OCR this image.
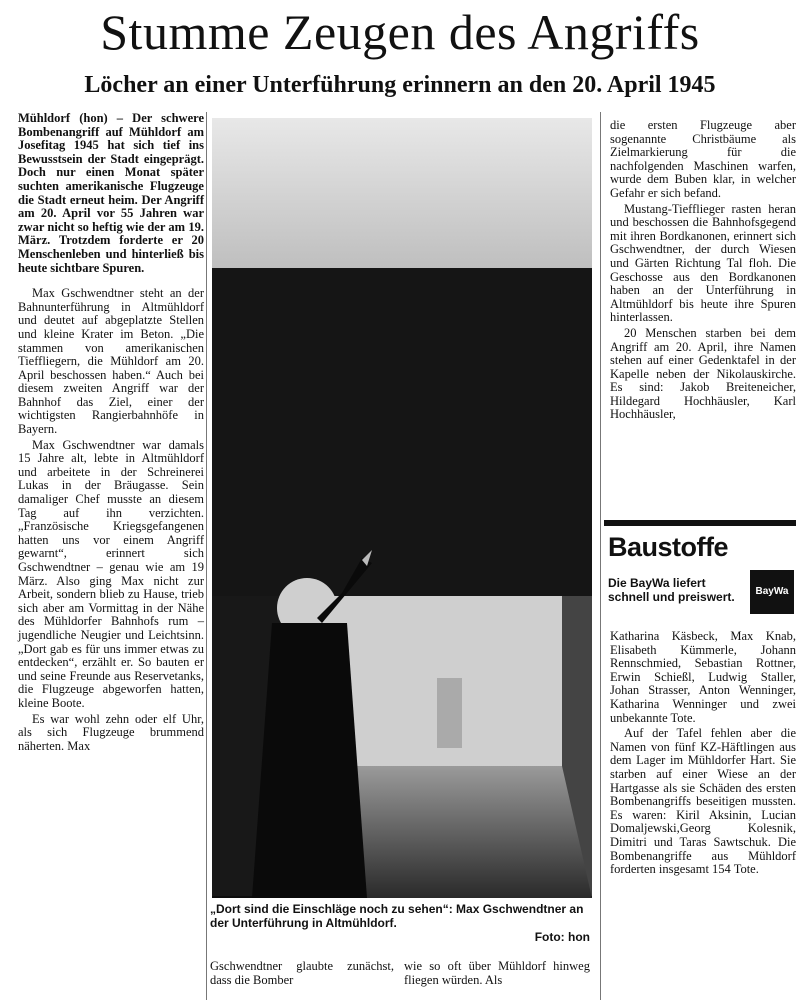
Stumme Zeugen des Angriffs
Löcher an einer Unterführung erinnern an den 20. April 1945

Mühldorf (hon) – Der schwere Bombenangriff auf Mühldorf am Josefitag 1945 hat sich tief ins Bewusstsein der Stadt eingeprägt. Doch nur einen Monat später suchten amerikanische Flugzeuge die Stadt erneut heim. Der Angriff am 20. April vor 55 Jahren war zwar nicht so heftig wie der am 19. März. Trotzdem forderte er 20 Menschenleben und hinterließ bis heute sichtbare Spuren.

Max Gschwendtner steht an der Bahnunterführung in Altmühldorf und deutet auf abgeplatzte Stellen und kleine Krater im Beton. „Die stammen von amerikanischen Tieffliegern, die Mühldorf am 20. April beschossen haben.“ Auch bei diesem zweiten Angriff war der Bahnhof das Ziel, einer der wichtigsten Rangierbahnhöfe in Bayern.

Max Gschwendtner war damals 15 Jahre alt, lebte in Altmühldorf und arbeitete in der Schreinerei Lukas in der Bräugasse. Sein damaliger Chef musste an diesem Tag auf ihn verzichten. „Französische Kriegsgefangenen hatten uns vor einem Angriff gewarnt“, erinnert sich Gschwendtner – genau wie am 19 März. Also ging Max nicht zur Arbeit, sondern blieb zu Hause, trieb sich aber am Vormittag in der Nähe des Mühldorfer Bahnhofs rum – jugendliche Neugier und Leichtsinn. „Dort gab es für uns immer etwas zu entdecken“, erzählt er. So bauten er und seine Freunde aus Reservetanks, die Flugzeuge abgeworfen hatten, kleine Boote.

Es war wohl zehn oder elf Uhr, als sich Flugzeuge brummend näherten. Max

„Dort sind die Einschläge noch zu sehen“: Max Gschwendtner an der Unterführung in Altmühldorf.
Foto: hon

Gschwendtner glaubte zunächst, dass die Bomber

wie so oft über Mühldorf hinweg fliegen würden. Als

die ersten Flugzeuge aber sogenannte Christbäume als Zielmarkierung für die nachfolgenden Maschinen warfen, wurde dem Buben klar, in welcher Gefahr er sich befand.

Mustang-Tiefflieger rasten heran und beschossen die Bahnhofsgegend mit ihren Bordkanonen, erinnert sich Gschwendtner, der durch Wiesen und Gärten Richtung Tal floh. Die Geschosse aus den Bordkanonen haben an der Unterführung in Altmühldorf bis heute ihre Spuren hinterlassen.

20 Menschen starben bei dem Angriff am 20. April, ihre Namen stehen auf einer Gedenktafel in der Kapelle neben der Nikolauskirche. Es sind: Jakob Breiteneicher, Hildegard Hochhäusler, Karl Hochhäusler,

Baustoffe
Die BayWa liefert schnell und preiswert.	BayWa

Katharina Käsbeck, Max Knab, Elisabeth Kümmerle, Johann Rennschmied, Sebastian Rottner, Erwin Schießl, Ludwig Staller, Johan Strasser, Anton Wenninger, Katharina Wenninger und zwei unbekannte Tote.

Auf der Tafel fehlen aber die Namen von fünf KZ-Häftlingen aus dem Lager im Mühldorfer Hart. Sie starben auf einer Wiese an der Hartgasse als sie Schäden des ersten Bombenangriffs beseitigen mussten. Es waren: Kiril Aksinin, Lucian Domaljewski,Georg Kolesnik, Dimitri und Taras Sawtschuk. Die Bombenangriffe aus Mühldorf forderten insgesamt 154 Tote.
